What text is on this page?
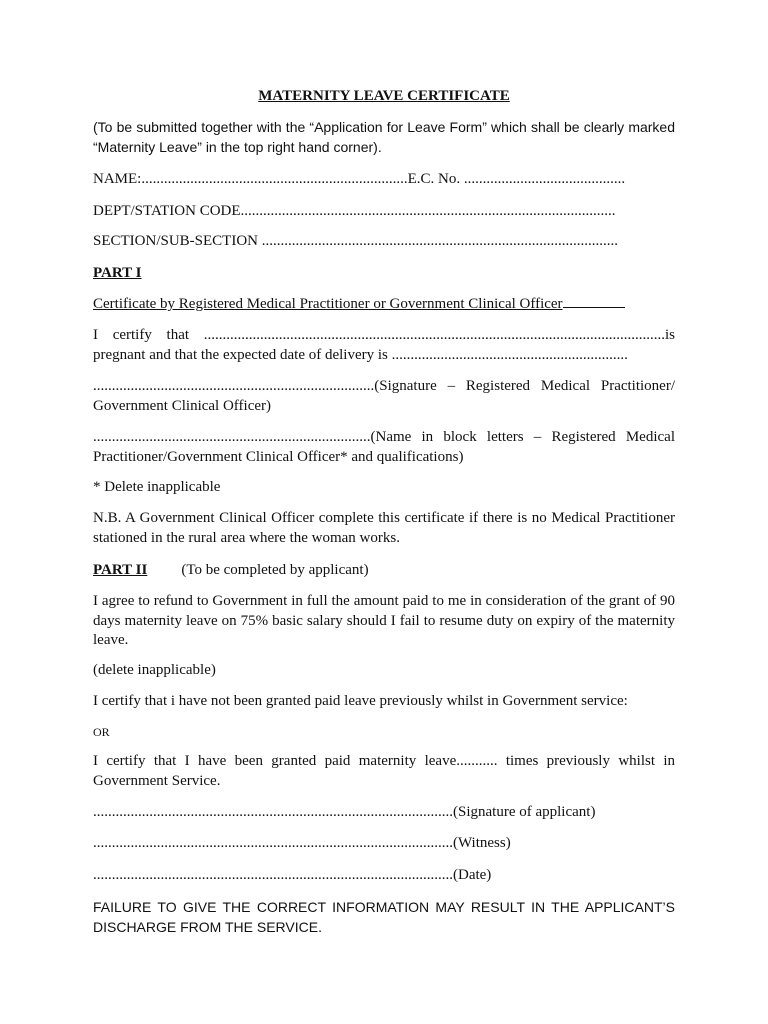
MATERNITY LEAVE CERTIFICATE

(To be submitted together with the “Application for Leave Form” which shall be clearly marked “Maternity Leave” in the top right hand corner).

NAME:.......................................................................E.C. No. ...........................................

DEPT/STATION CODE....................................................................................................

SECTION/SUB-SECTION ...............................................................................................

PART I

Certificate by Registered Medical Practitioner or Government Clinical Officer

I certify that ...........................................................................................................................is pregnant and that the expected date of delivery is ...............................................................

...........................................................................(Signature – Registered Medical Practitioner/ Government Clinical Officer)

..........................................................................(Name in block letters – Registered Medical Practitioner/Government Clinical Officer* and qualifications)

* Delete inapplicable

N.B. A Government Clinical Officer complete this certificate if there is no Medical Practitioner stationed in the rural area where the woman works.

PART II (To be completed by applicant)

I agree to refund to Government in full the amount paid to me in consideration of the grant of 90 days maternity leave on 75% basic salary should I fail to resume duty on expiry of the maternity leave.

(delete inapplicable)

I certify that i have not been granted paid leave previously whilst in Government service:

OR

I certify that I have been granted paid maternity leave........... times previously whilst in Government Service.

................................................................................................(Signature of applicant)

................................................................................................(Witness)

................................................................................................(Date)

FAILURE TO GIVE THE CORRECT INFORMATION MAY RESULT IN THE APPLICANT’S DISCHARGE FROM THE SERVICE.
